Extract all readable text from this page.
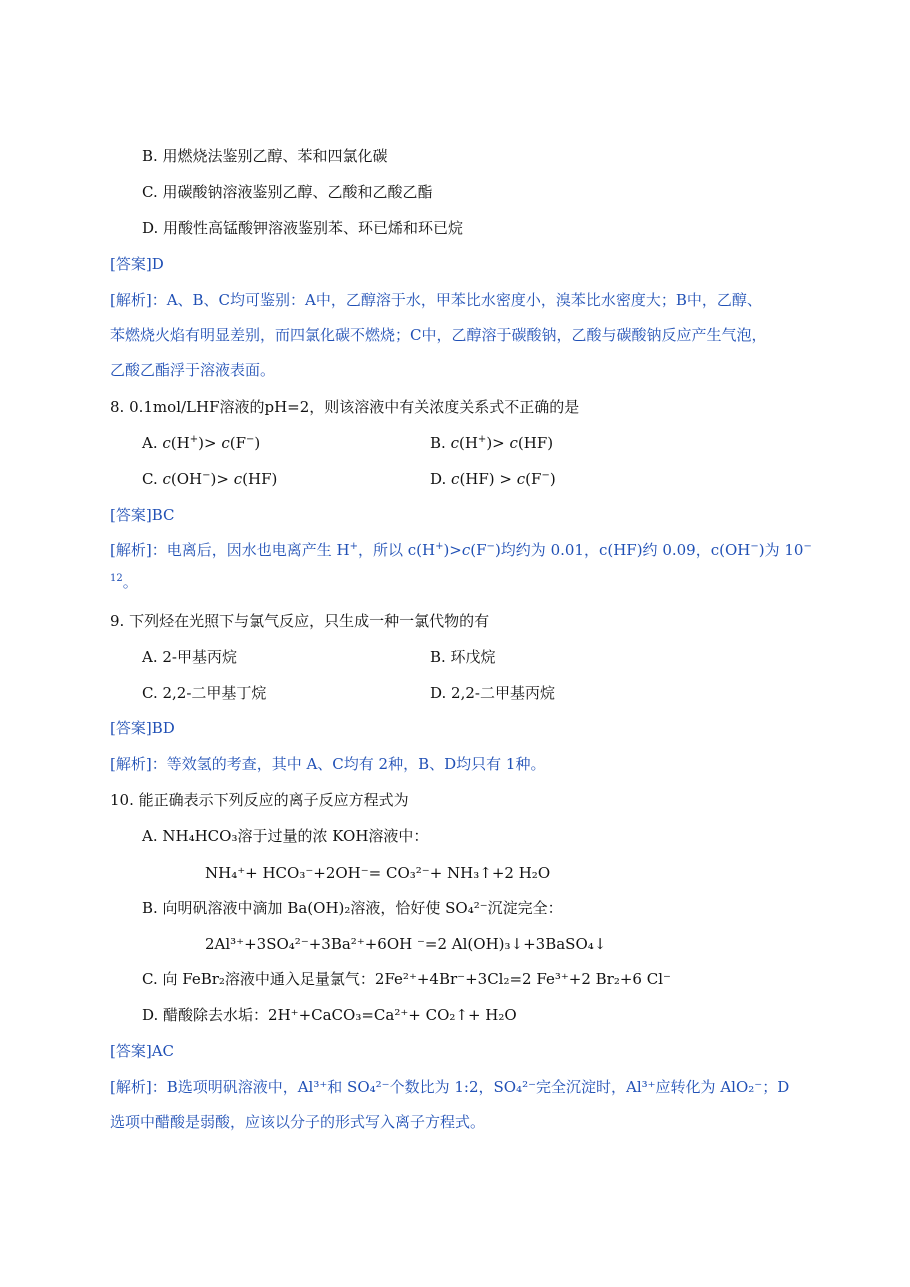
B. 用燃烧法鉴别乙醇、苯和四氯化碳
C. 用碳酸钠溶液鉴别乙醇、乙酸和乙酸乙酯
D. 用酸性高锰酸钾溶液鉴别苯、环已烯和环已烷
[答案]D
[解析]：A、B、C均可鉴别：A中，乙醇溶于水，甲苯比水密度小，溴苯比水密度大；B中，乙醇、
苯燃烧火焰有明显差别，而四氯化碳不燃烧；C中，乙醇溶于碳酸钠，乙酸与碳酸钠反应产生气泡，
乙酸乙酯浮于溶液表面。
8. 0.1mol/LHF溶液的pH=2，则该溶液中有关浓度关系式不正确的是
A. c(H+)> c(F−)	B. c(H+)> c(HF)
C. c(OH−)> c(HF)	D. c(HF) > c(F−)
[答案]BC
[解析]：电离后，因水也电离产生 H+，所以 c(H+)>c(F−)均约为 0.01，c(HF)约 0.09，c(OH−)为 10−
$^{12}$。
9. 下列烃在光照下与氯气反应，只生成一种一氯代物的有
A. 2-甲基丙烷	B. 环戊烷
C. 2,2-二甲基丁烷	D. 2,2-二甲基丙烷
[答案]BD
[解析]：等效氢的考查，其中 A、C均有 2种，B、D均只有 1种。
10. 能正确表示下列反应的离子反应方程式为
A. NH₄HCO₃溶于过量的浓 KOH溶液中：
NH₄⁺+ HCO₃⁻+2OH⁻= CO₃²⁻+ NH₃↑+2 H₂O
B. 向明矾溶液中滴加 Ba(OH)₂溶液，恰好使 SO₄²⁻沉淀完全：
2Al³⁺+3SO₄²⁻+3Ba²⁺+6OH ⁻=2 Al(OH)₃↓+3BaSO₄↓
C. 向 FeBr₂溶液中通入足量氯气：2Fe²⁺+4Br⁻+3Cl₂=2 Fe³⁺+2 Br₂+6 Cl⁻
D. 醋酸除去水垢：2H⁺+CaCO₃=Ca²⁺+ CO₂↑+ H₂O
[答案]AC
[解析]：B选项明矾溶液中，Al³⁺和 SO₄²⁻个数比为 1:2，SO₄²⁻完全沉淀时，Al³⁺应转化为 AlO₂⁻；D
选项中醋酸是弱酸，应该以分子的形式写入离子方程式。
